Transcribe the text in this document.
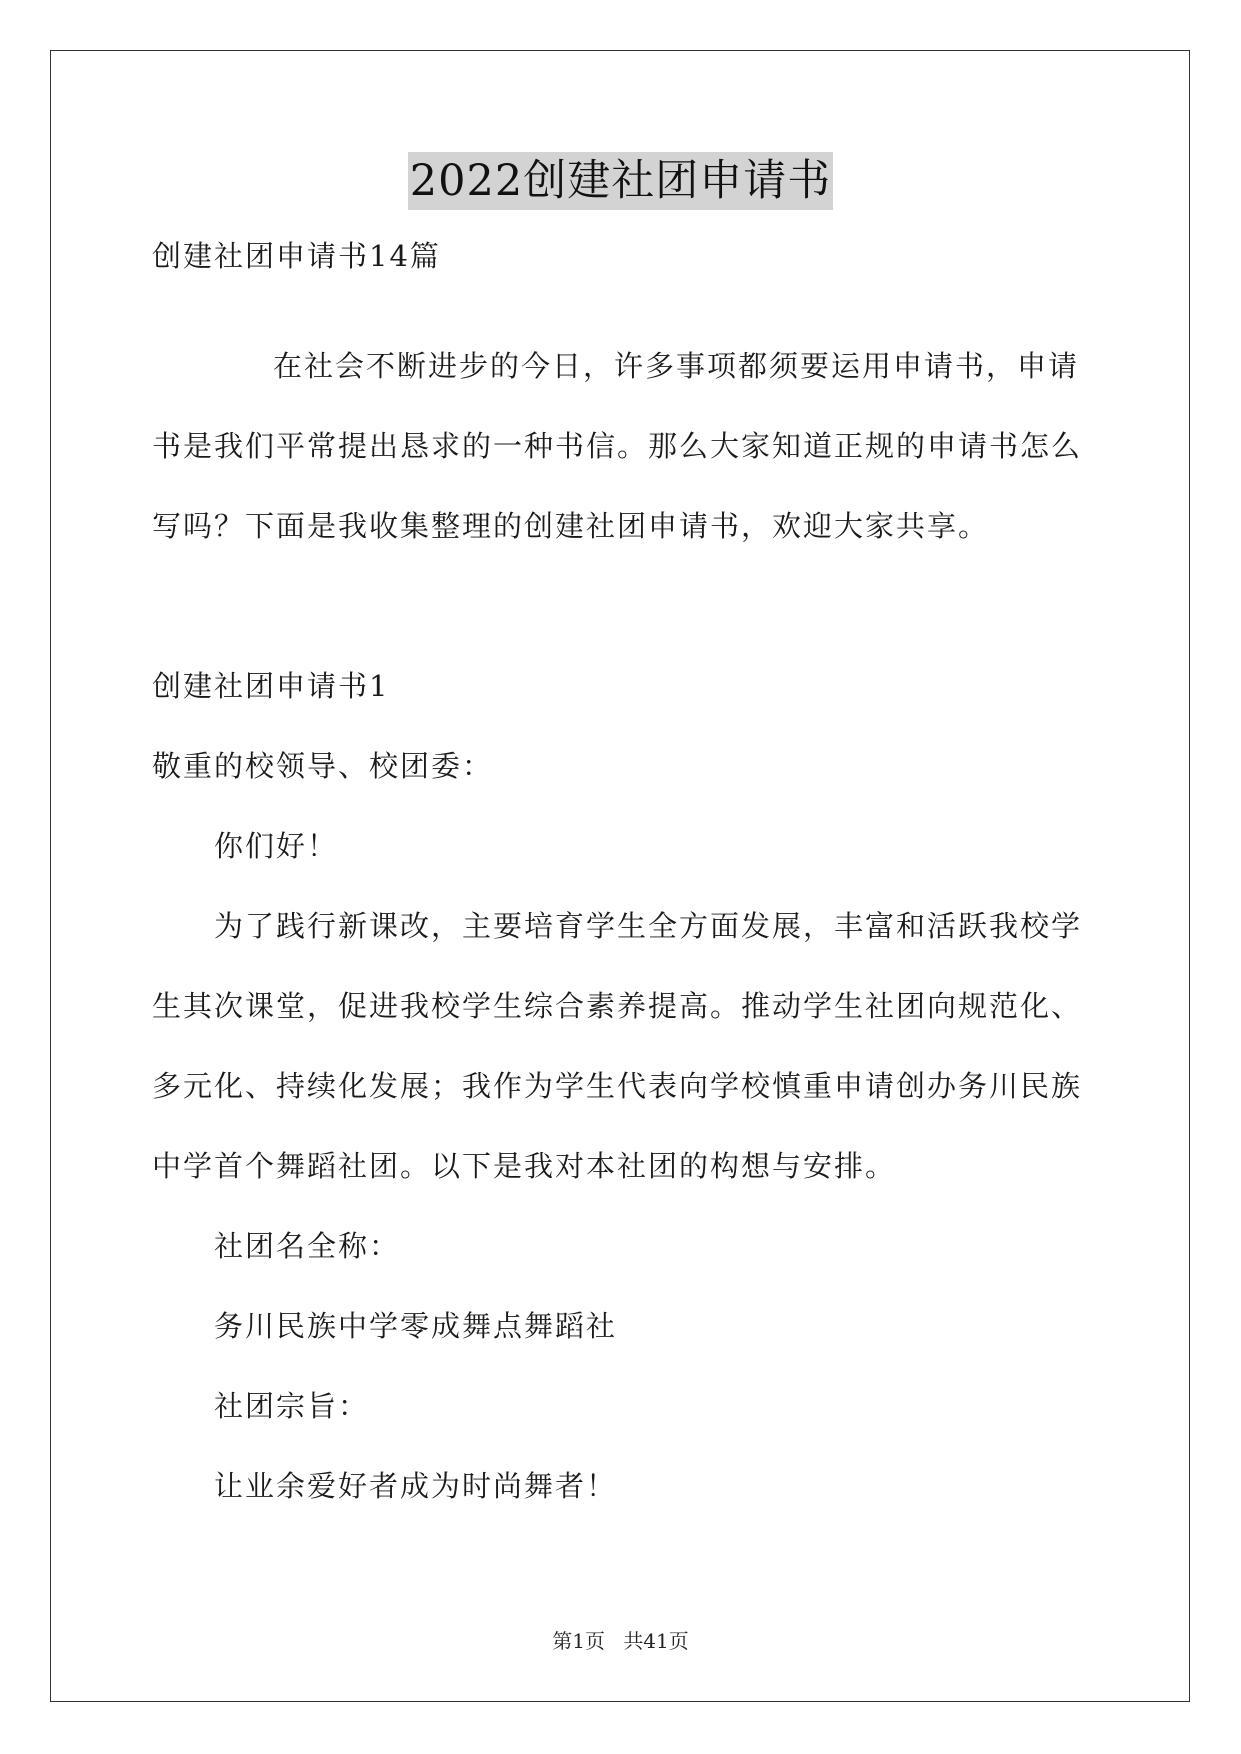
2022创建社团申请书
创建社团申请书14篇
在社会不断进步的今日，许多事项都须要运用申请书，申请
书是我们平常提出恳求的一种书信。那么大家知道正规的申请书怎么
写吗？下面是我收集整理的创建社团申请书，欢迎大家共享。
创建社团申请书1
敬重的校领导、校团委：
你们好！
为了践行新课改，主要培育学生全方面发展，丰富和活跃我校学
生其次课堂，促进我校学生综合素养提高。推动学生社团向规范化、
多元化、持续化发展；我作为学生代表向学校慎重申请创办务川民族
中学首个舞蹈社团。以下是我对本社团的构想与安排。
社团名全称：
务川民族中学零成舞点舞蹈社
社团宗旨：
让业余爱好者成为时尚舞者！
第1页 共41页
